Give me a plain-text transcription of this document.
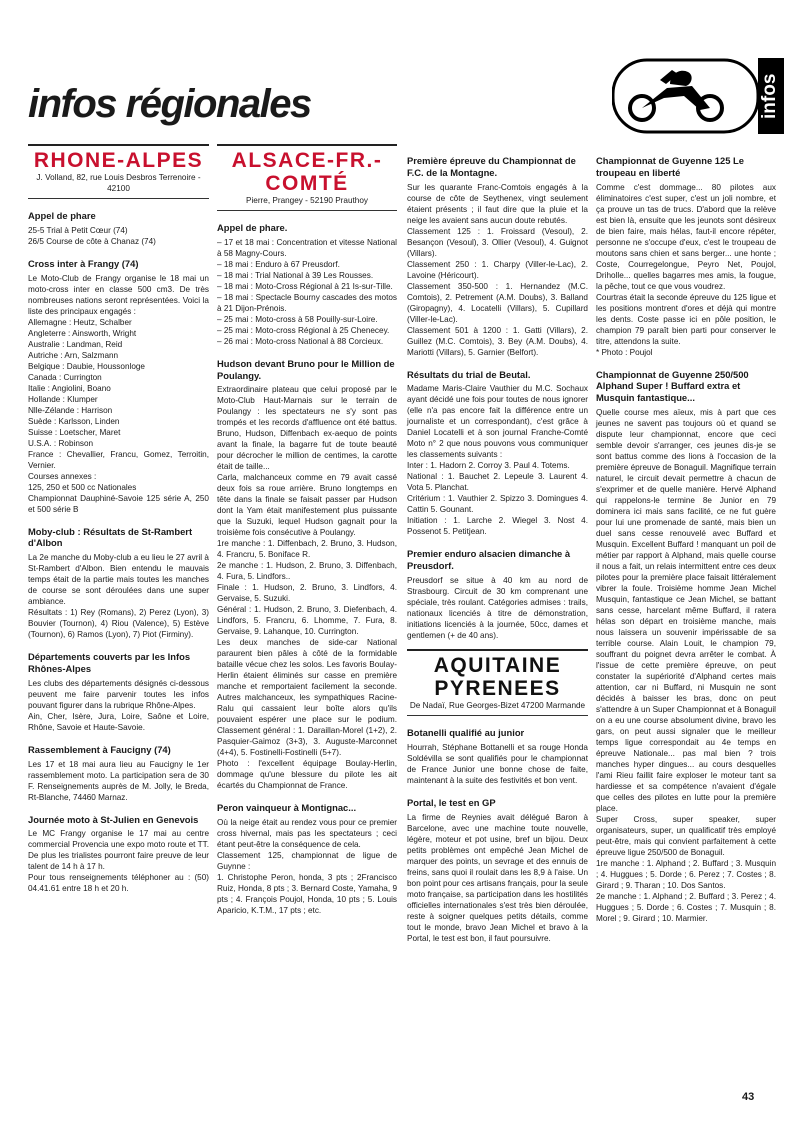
infos régionales	infos
RHONE-ALPES
J. Volland, 82, rue Louis Desbros Terrenoire - 42100
Appel de phare

25-5 Trial à Petit Cœur (74)

26/5 Course de côte à Chanaz (74)

Cross inter à Frangy (74)

Le Moto-Club de Frangy organise le 18 mai un moto-cross inter en classe 500 cm3. De très nombreuses nations seront représentées. Voici la liste des principaux engagés :

Allemagne : Heutz, Schalber

Angleterre : Ainsworth, Wright

Australie : Landman, Reid

Autriche : Arn, Salzmann

Belgique : Daubie, Houssonloge

Canada : Currington

Italie : Angiolini, Boano

Hollande : Klumper

Nlle-Zélande : Harrison

Suède : Karlsson, Linden

Suisse : Loetscher, Maret

U.S.A. : Robinson

France : Chevallier, Francu, Gomez, Terroitin, Vernier.

Courses annexes :

125, 250 et 500 cc Nationales

Championnat Dauphiné-Savoie 125 série A, 250 et 500 série B

Moby-club : Résultats de St-Rambert d'Albon

La 2e manche du Moby-club a eu lieu le 27 avril à St-Rambert d'Albon. Bien entendu le mauvais temps était de la partie mais toutes les manches de course se sont déroulées dans une super ambiance.

Résultats : 1) Rey (Romans), 2) Perez (Lyon), 3) Bouvier (Tournon), 4) Riou (Valence), 5) Estève (Tournon), 6) Ramos (Lyon), 7) Piot (Firminy).

Départements couverts par les Infos Rhônes-Alpes

Les clubs des départements désignés ci-dessous peuvent me faire parvenir toutes les infos pouvant figurer dans la rubrique Rhône-Alpes.

Ain, Cher, Isère, Jura, Loire, Saône et Loire, Rhône, Savoie et Haute-Savoie.

Rassemblement à Faucigny (74)

Les 17 et 18 mai aura lieu au Faucigny le 1er rassemblement moto. La participation sera de 30 F. Renseignements auprès de M. Jolly, le Breda, Rt-Blanche, 74460 Marnaz.

Journée moto à St-Julien en Genevois

Le MC Frangy organise le 17 mai au centre commercial Provencia une expo moto route et TT. De plus les trialistes pourront faire preuve de leur talent de 14 h à 17 h.

Pour tous renseignements téléphoner au : (50) 04.41.61 entre 18 h et 20 h.

ALSACE-FR.-COMTÉ
Pierre, Prangey - 52190 Prauthoy
Appel de phare.

– 17 et 18 mai : Concentration et vitesse National à 58 Magny-Cours.

– 18 mai : Enduro à 67 Preusdorf.

– 18 mai : Trial National à 39 Les Rousses.

– 18 mai : Moto-Cross Régional à 21 Is-sur-Tille.

– 18 mai : Spectacle Bourny cascades des motos à 21 Dijon-Prénois.

– 25 mai : Moto-cross à 58 Pouilly-sur-Loire.

– 25 mai : Moto-cross Régional à 25 Chenecey.

– 26 mai : Moto-cross National à 88 Corcieux.

Hudson devant Bruno pour le Million de Poulangy.

Extraordinaire plateau que celui proposé par le Moto-Club Haut-Marnais sur le terrain de Poulangy : les spectateurs ne s'y sont pas trompés et les records d'affluence ont été battus. Bruno, Hudson, Diffenbach ex-aequo de points avant la finale, la bagarre fut de toute beauté pour décrocher le million de centimes, la carotte était de taille...

Carla, malchanceux comme en 79 avait cassé deux fois sa roue arrière. Bruno longtemps en tête dans la finale se faisait passer par Hudson dont la Yam était manifestement plus puissante que la Suzuki, lequel Hudson gagnait pour la troisième fois consécutive à Poulangy.

1re manche : 1. Diffenbach, 2. Bruno, 3. Hudson, 4. Francru, 5. Boniface R.

2e manche : 1. Hudson, 2. Bruno, 3. Diffenbach, 4. Fura, 5. Lindfors..

Finale : 1. Hudson, 2. Bruno, 3. Lindfors, 4. Gervaise, 5. Suzuki.

Général : 1. Hudson, 2. Bruno, 3. Diefenbach, 4. Lindfors, 5. Francru, 6. Lhomme, 7. Fura, 8. Gervaise, 9. Lahanque, 10. Currington.

Les deux manches de side-car National paraurent bien pâles à côté de la formidable bataille vécue chez les solos. Les favoris Boulay-Herlin étaient éliminés sur casse en première manche et remportaient facilement la seconde. Autres malchanceux, les sympathiques Racine-Ralu qui cassaient leur boîte alors qu'ils pouvaient espérer une place sur le podium. Classement général : 1. Daraillan-Morel (1+2), 2. Pasquier-Gaimoz (3+3), 3. Auguste-Marconnet (4+4), 5. Fostinelli-Fostinelli (5+7).

Photo : l'excellent équipage Boulay-Herlin, dommage qu'une blessure du pilote les ait écartés du Championnat de France.

Peron vainqueur à Montignac...

Où la neige était au rendez vous pour ce premier cross hivernal, mais pas les spectateurs ; ceci étant peut-être la conséquence de cela.

Classement 125, championnat de ligue de Guynne :

1. Christophe Peron, honda, 3 pts ; 2Francisco Ruiz, Honda, 8 pts ; 3. Bernard Coste, Yamaha, 9 pts ; 4. François Poujol, Honda, 10 pts ; 5. Louis Aparicio, K.T.M., 17 pts ; etc.

Première épreuve du Championnat de F.C. de la Montagne.

Sur les quarante Franc-Comtois engagés à la course de côte de Seythenex, vingt seulement étaient présents ; il faut dire que la pluie et la neige les avaient sans aucun doute rebutés.

Classement 125 : 1. Froissard (Vesoul), 2. Besançon (Vesoul), 3. Ollier (Vesoul), 4. Guignot (Villars).

Classement 250 : 1. Charpy (Viller-le-Lac), 2. Lavoine (Héricourt).

Classement 350-500 : 1. Hernandez (M.C. Comtois), 2. Petrement (A.M. Doubs), 3. Balland (Giropagny), 4. Locatelli (Villars), 5. Cupillard (Viller-le-Lac).

Classement 501 à 1200 : 1. Gatti (Villars), 2. Guillez (M.C. Comtois), 3. Bey (A.M. Doubs), 4. Mariotti (Villars), 5. Garnier (Belfort).

Résultats du trial de Beutal.

Madame Maris-Claire Vauthier du M.C. Sochaux ayant décidé une fois pour toutes de nous ignorer (elle n'a pas encore fait la différence entre un journaliste et un correspondant), c'est grâce à Daniel Locatelli et à son journal Franche-Comté Moto n° 2 que nous pouvons vous communiquer les classements suivants :

Inter : 1. Hadorn 2. Corroy 3. Paul 4. Totems.

National : 1. Bauchet 2. Lepeule 3. Laurent 4. Vota 5. Planchat.

Critérium : 1. Vauthier 2. Spizzo 3. Domingues 4. Cattin 5. Gounant.

Initiation : 1. Larche 2. Wiegel 3. Nost 4. Possenot 5. Petitjean.

Premier enduro alsacien dimanche à Preusdorf.

Preusdorf se situe à 40 km au nord de Strasbourg. Circuit de 30 km comprenant une spéciale, très roulant. Catégories admises : trails, nationaux licenciés à titre de démonstration, initiations licenciés à la journée, 50cc, dames et gentlemen (+ de 40 ans).

AQUITAINE PYRENEES
De Nadaï, Rue Georges-Bizet 47200 Marmande
Botanelli qualifié au junior

Hourrah, Stéphane Bottanelli et sa rouge Honda Soldévilla se sont qualifiés pour le championnat de France Junior une bonne chose de faite, maintenant à la suite des festivités et bon vent.

Portal, le test en GP

La firme de Reynies avait délégué Baron à Barcelone, avec une machine toute nouvelle, légère, moteur et pot usine, bref un bijou. Deux petits problèmes ont empêché Jean Michel de marquer des points, un sevrage et des ennuis de freins, sans quoi il roulait dans les 8,9 à l'aise. Un bon point pour ces artisans français, pour la seule moto française, sa participation dans les hostilités officielles internationales s'est très bien déroulée, reste à soigner quelques petits détails, comme tout le monde, bravo Jean Michel et bravo à la Portal, le test est bon, il faut poursuivre.

Championnat de Guyenne 125 Le troupeau en liberté

Comme c'est dommage... 80 pilotes aux éliminatoires c'est super, c'est un joli nombre, et ça prouve un tas de trucs. D'abord que la relève est bien là, ensuite que les jeunots sont désireux de bien faire, mais hélas, faut-il encore répéter, personne ne s'occupe d'eux, c'est le troupeau de moutons sans chien et sans berger... une honte ; Coste, Courregelongue, Peyro Net, Poujol, Driholle... quelles bagarres mes amis, la fougue, la pêche, tout ce que vous voudrez.

Courtras était la seconde épreuve du 125 ligue et les positions montrent d'ores et déjà qui montre les dents. Coste passe ici en pôle position, le champion 79 paraît bien parti pour conserver le titre, attendons la suite.

* Photo : Poujol

Championnat de Guyenne 250/500 Alphand Super ! Buffard extra et Musquin fantastique...

Quelle course mes aïeux, mis à part que ces jeunes ne savent pas toujours où et quand se dispute leur championnat, encore que ceci semble devoir s'arranger, ces jeunes dis-je se sont battus comme des lions à l'occasion de la première épreuve de Bonaguil. Magnifique terrain naturel, le circuit devait permettre à chacun de s'exprimer et de quelle manière. Hervé Alphand qui rappelons-le termine 8e Junior en 79 dominera ici mais sans facilité, ce ne fut guère pour lui une promenade de santé, mais bien un duel sans cesse renouvelé avec Buffard et Musquin. Excellent Buffard ! manquant un poil de métier par rapport à Alphand, mais quelle course il nous a fait, un relais intermittent entre ces deux pilotes pour la première place faisait littéralement vibrer la foule. Troisième homme Jean Michel Musquin, fantastique ce Jean Michel, se battant sans cesse, harcelant même Buffard, il ratera hélas son départ en troisième manche, mais nous laissera un souvenir impérissable de sa terrible course. Alain Louit, le champion 79, souffrant du poignet devra arrêter le combat. À l'issue de cette première épreuve, on peut constater la supériorité d'Alphand certes mais attention, car ni Buffard, ni Musquin ne sont décidés à baisser les bras, donc on peut s'attendre à un Super Championnat et à Bonaguil on a eu une course absolument divine, bravo les gars, on peut aussi signaler que le meilleur temps ligue correspondait au 4e temps en épreuve Nationale... pas mal bien ? trois manches hyper dingues... au cours desquelles l'ami Rieu faillit faire exploser le moteur tant sa hardiesse et sa compétence n'avaient d'égale que celles des pilotes en lutte pour la première place.

Super Cross, super speaker, super organisateurs, super, un qualificatif très employé peut-être, mais qui convient parfaitement à cette épreuve ligue 250/500 de Bonaguil.

1re manche : 1. Alphand ; 2. Buffard ; 3. Musquin ; 4. Huggues ; 5. Dorde ; 6. Perez ; 7. Costes ; 8. Girard ; 9. Tharan ; 10. Dos Santos.

2e manche : 1. Alphand ; 2. Buffard ; 3. Perez ; 4. Huggues ; 5. Dorde ; 6. Costes ; 7. Musquin ; 8. Morel ; 9. Girard ; 10. Marmier.

43
